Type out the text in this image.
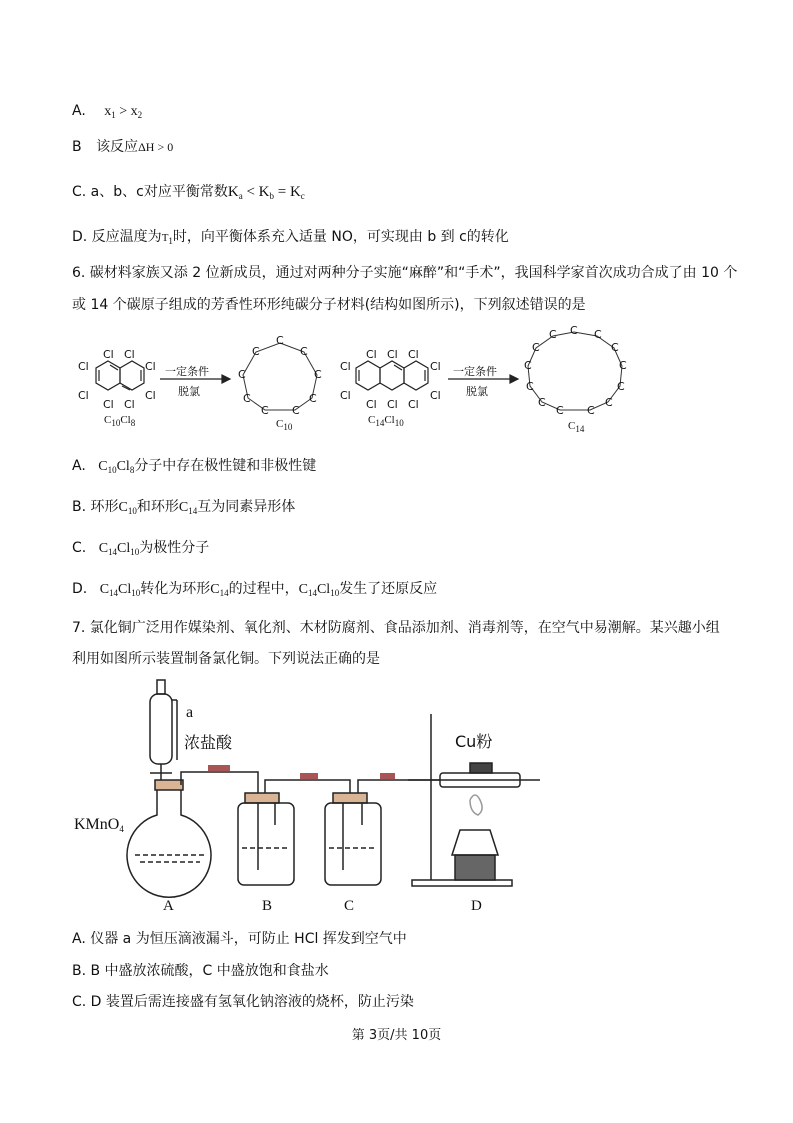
A. $x_1 > x_2$
B 该反应ΔH > 0
C. a、b、c对应平衡常数$K_a < K_b = K_c$
D. 反应温度为$T_1$时，向平衡体系充入适量 NO，可实现由 b 到 c的转化
6. 碳材料家族又添 2 位新成员，通过对两种分子实施“麻醉”和“手术”，我国科学家首次成功合成了由 10 个
或 14 个碳原子组成的芳香性环形纯碳分子材料(结构如图所示)，下列叙述错误的是
Cl Cl
Cl	Cl
Cl	Cl
Cl Cl
$C_{10}Cl_8$
一定条件
脱氯
C
C
C
C
C
C
C
C
C
$C_{10}$
Cl Cl Cl
Cl	Cl
Cl	Cl
Cl Cl Cl
$C_{14}Cl_{10}$
一定条件
脱氯
C C
C
C
C
C
C
C
C
C
C
C
C
$C_{14}$
A. $C_{10}Cl_8$分子中存在极性键和非极性键
B. 环形$C_{10}$和环形$C_{14}$互为同素异形体
C. $C_{14}Cl_{10}$为极性分子
D. $C_{14}Cl_{10}$转化为环形$C_{14}$的过程中，$C_{14}Cl_{10}$发生了还原反应
7. 氯化铜广泛用作媒染剂、氧化剂、木材防腐剂、食品添加剂、消毒剂等，在空气中易潮解。某兴趣小组
利用如图所示装置制备氯化铜。下列说法正确的是
a
浓盐酸	Cu粉
KMnO$_4$
A	B	C	D
A. 仪器 a 为恒压滴液漏斗，可防止 HCl 挥发到空气中
B. B 中盛放浓硫酸，C 中盛放饱和食盐水
C. D 装置后需连接盛有氢氧化钠溶液的烧杯，防止污染
第 3页/共 10页
